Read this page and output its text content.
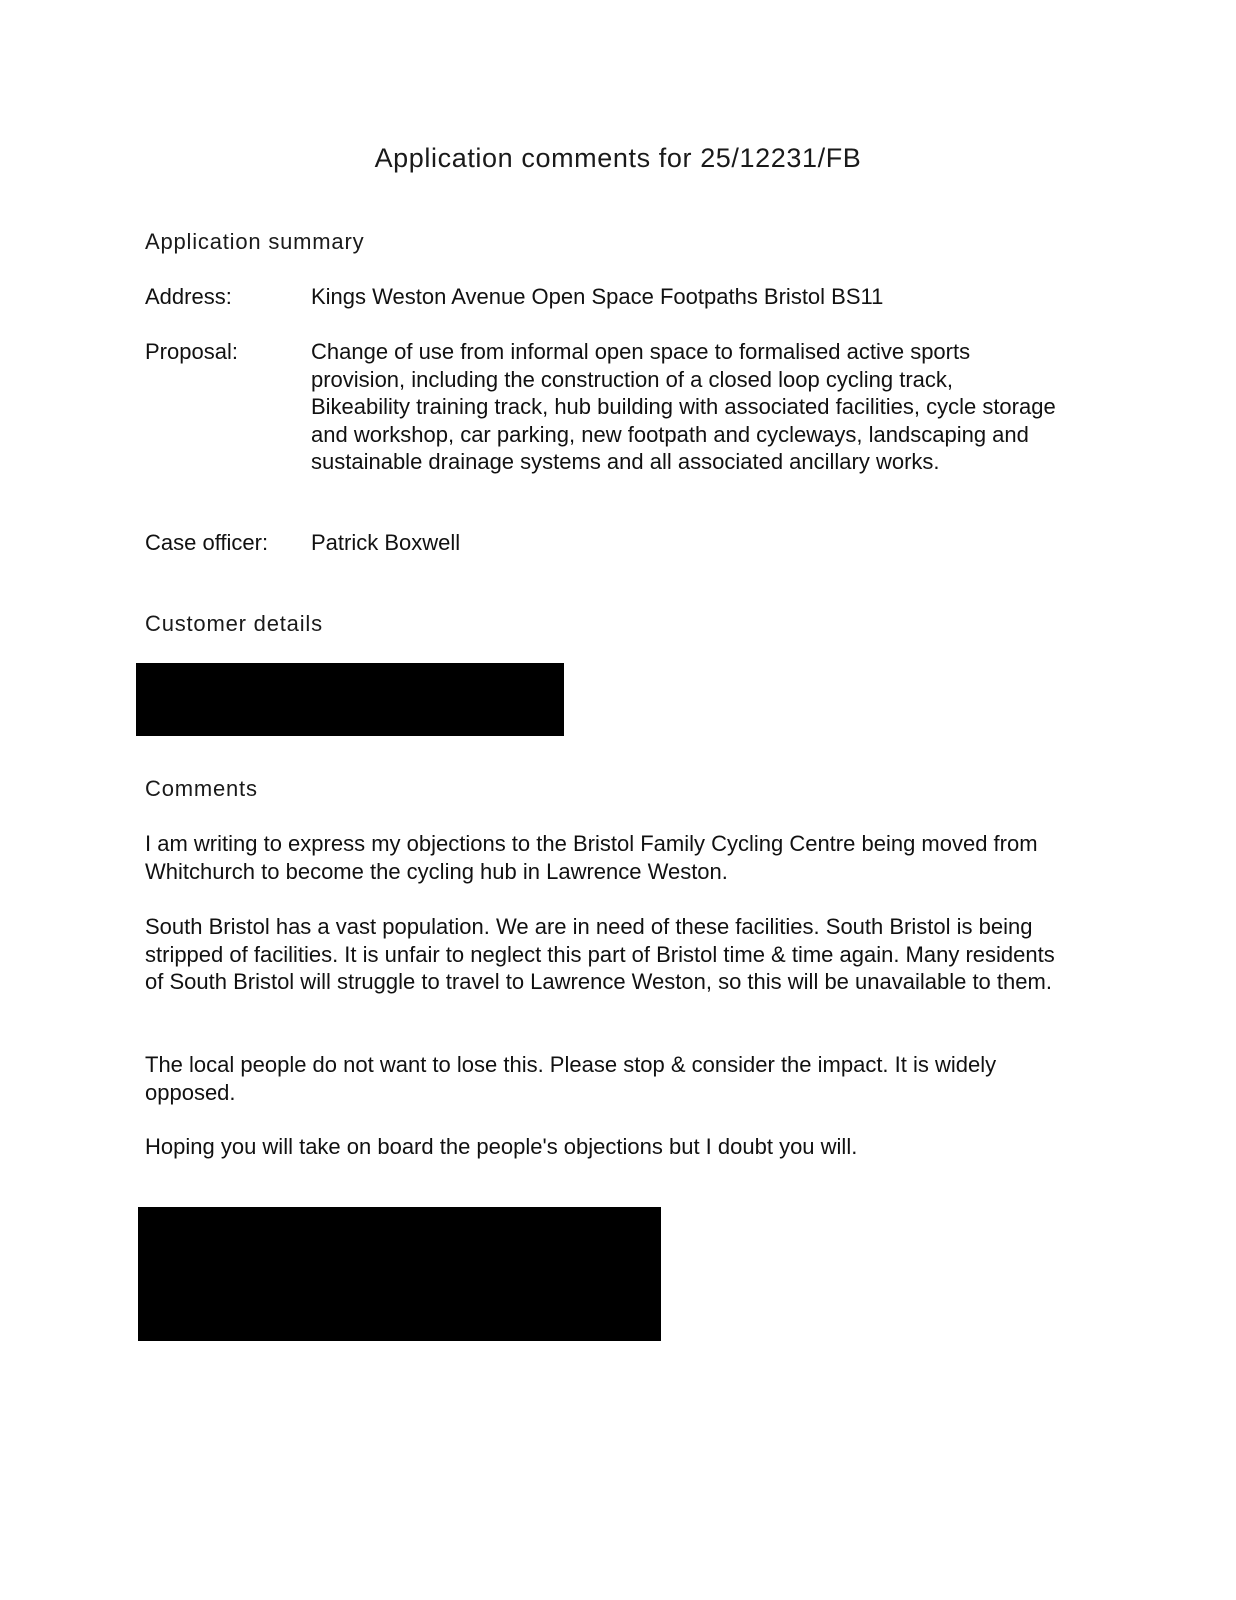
Application comments for 25/12231/FB
Application summary
Address:	Kings Weston Avenue Open Space Footpaths Bristol BS11
Proposal:	Change of use from informal open space to formalised active sports provision, including the construction of a closed loop cycling track, Bikeability training track, hub building with associated facilities, cycle storage and workshop, car parking, new footpath and cycleways, landscaping and sustainable drainage systems and all associated ancillary works.
Case officer: Patrick Boxwell
Customer details
Comments
I am writing to express my objections to the Bristol Family Cycling Centre being moved from Whitchurch to become the cycling hub in Lawrence Weston.
South Bristol has a vast population. We are in need of these facilities. South Bristol is being stripped of facilities. It is unfair to neglect this part of Bristol time & time again. Many residents of South Bristol will struggle to travel to Lawrence Weston, so this will be unavailable to them.
The local people do not want to lose this. Please stop & consider the impact. It is widely opposed.
Hoping you will take on board the people's objections but I doubt you will.
